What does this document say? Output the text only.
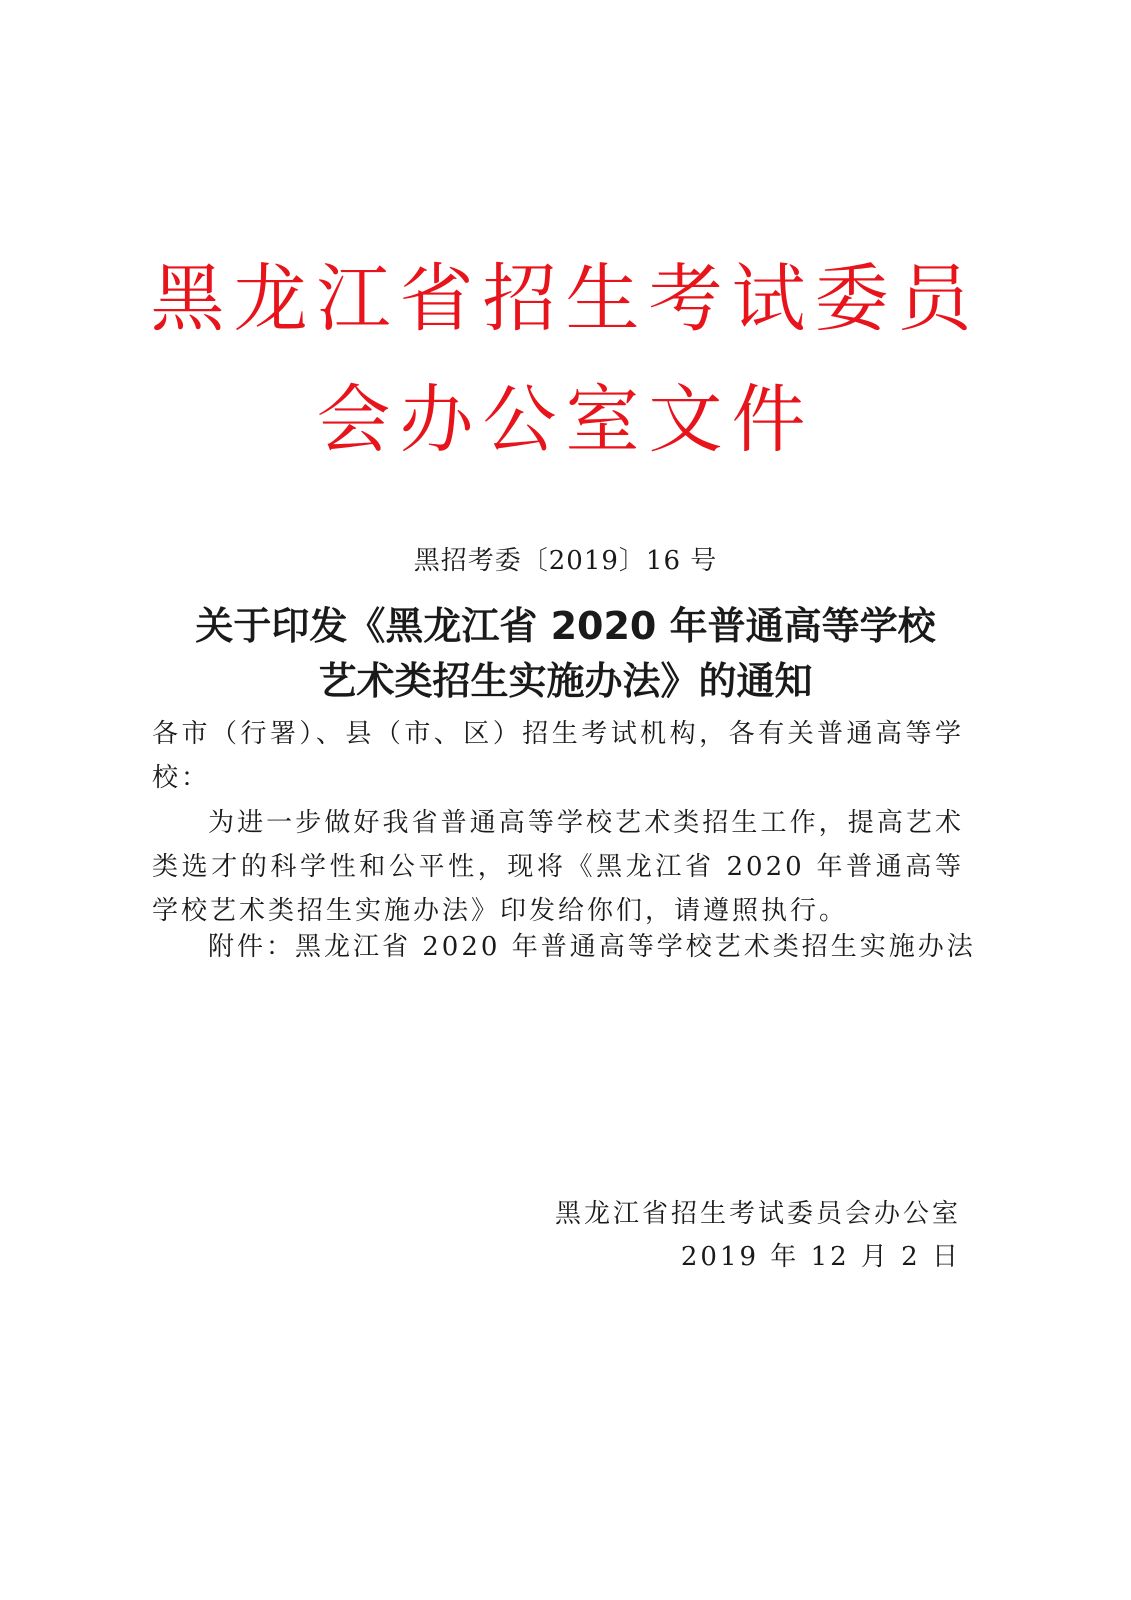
黑龙江省招生考试委员
会办公室文件
黑招考委〔2019〕16 号
关于印发《黑龙江省 2020 年普通高等学校
艺术类招生实施办法》的通知
各市（行署）、县（市、区）招生考试机构，各有关普通高等学校：
为进一步做好我省普通高等学校艺术类招生工作，提高艺术类选才的科学性和公平性，现将《黑龙江省 2020 年普通高等学校艺术类招生实施办法》印发给你们，请遵照执行。
附件：黑龙江省 2020 年普通高等学校艺术类招生实施办法
黑龙江省招生考试委员会办公室
2019 年 12 月 2 日
